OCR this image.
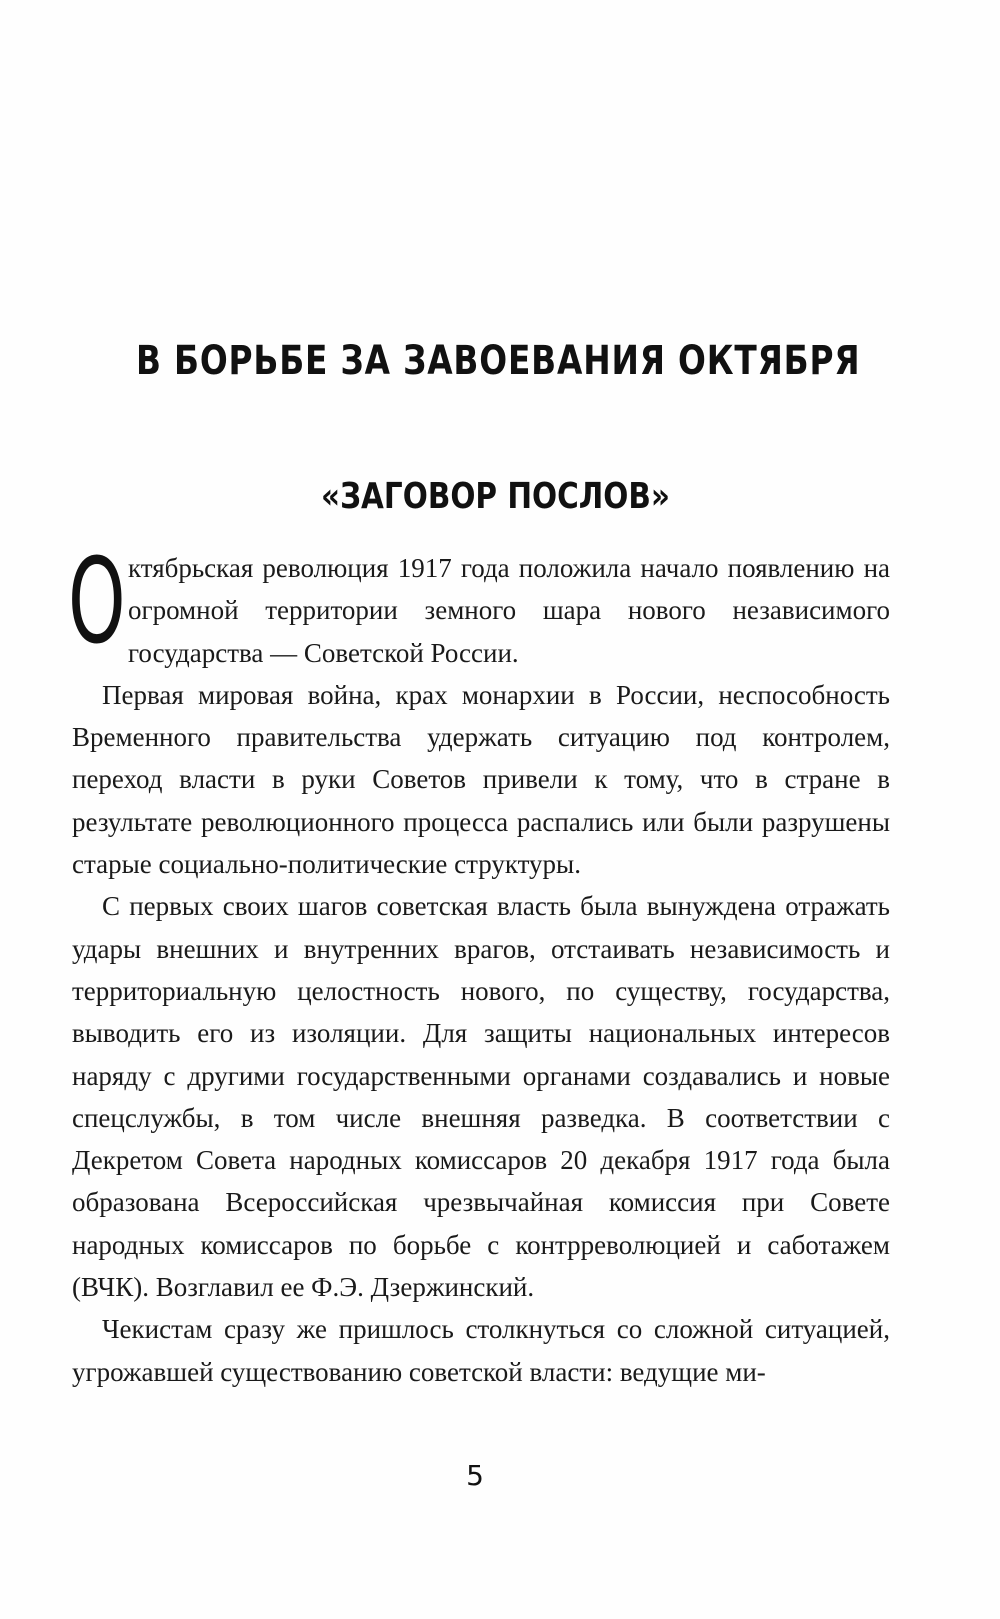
В БОРЬБЕ ЗА ЗАВОЕВАНИЯ ОКТЯБРЯ
«ЗАГОВОР ПОСЛОВ»

Октябрьская революция 1917 года положила начало появлению на огромной территории земного шара нового независимого государства — Советской России.

Первая мировая война, крах монархии в России, неспособность Временного правительства удержать ситуацию под контролем, переход власти в руки Советов привели к тому, что в стране в результате революционного процесса распались или были разрушены старые социально-политические структуры.

С первых своих шагов советская власть была вынуждена отражать удары внешних и внутренних врагов, отстаивать независимость и территориальную целостность нового, по существу, государства, выводить его из изоляции. Для защиты национальных интересов наряду с другими государственными органами создавались и новые спецслужбы, в том числе внешняя разведка. В соответствии с Декретом Совета народных комиссаров 20 декабря 1917 года была образована Всероссийская чрезвычайная комиссия при Совете народных комиссаров по борьбе с контрреволюцией и саботажем (ВЧК). Возглавил ее Ф.Э. Дзержинский.

Чекистам сразу же пришлось столкнуться со сложной ситуацией, угрожавшей существованию советской власти: ведущие ми-

5
